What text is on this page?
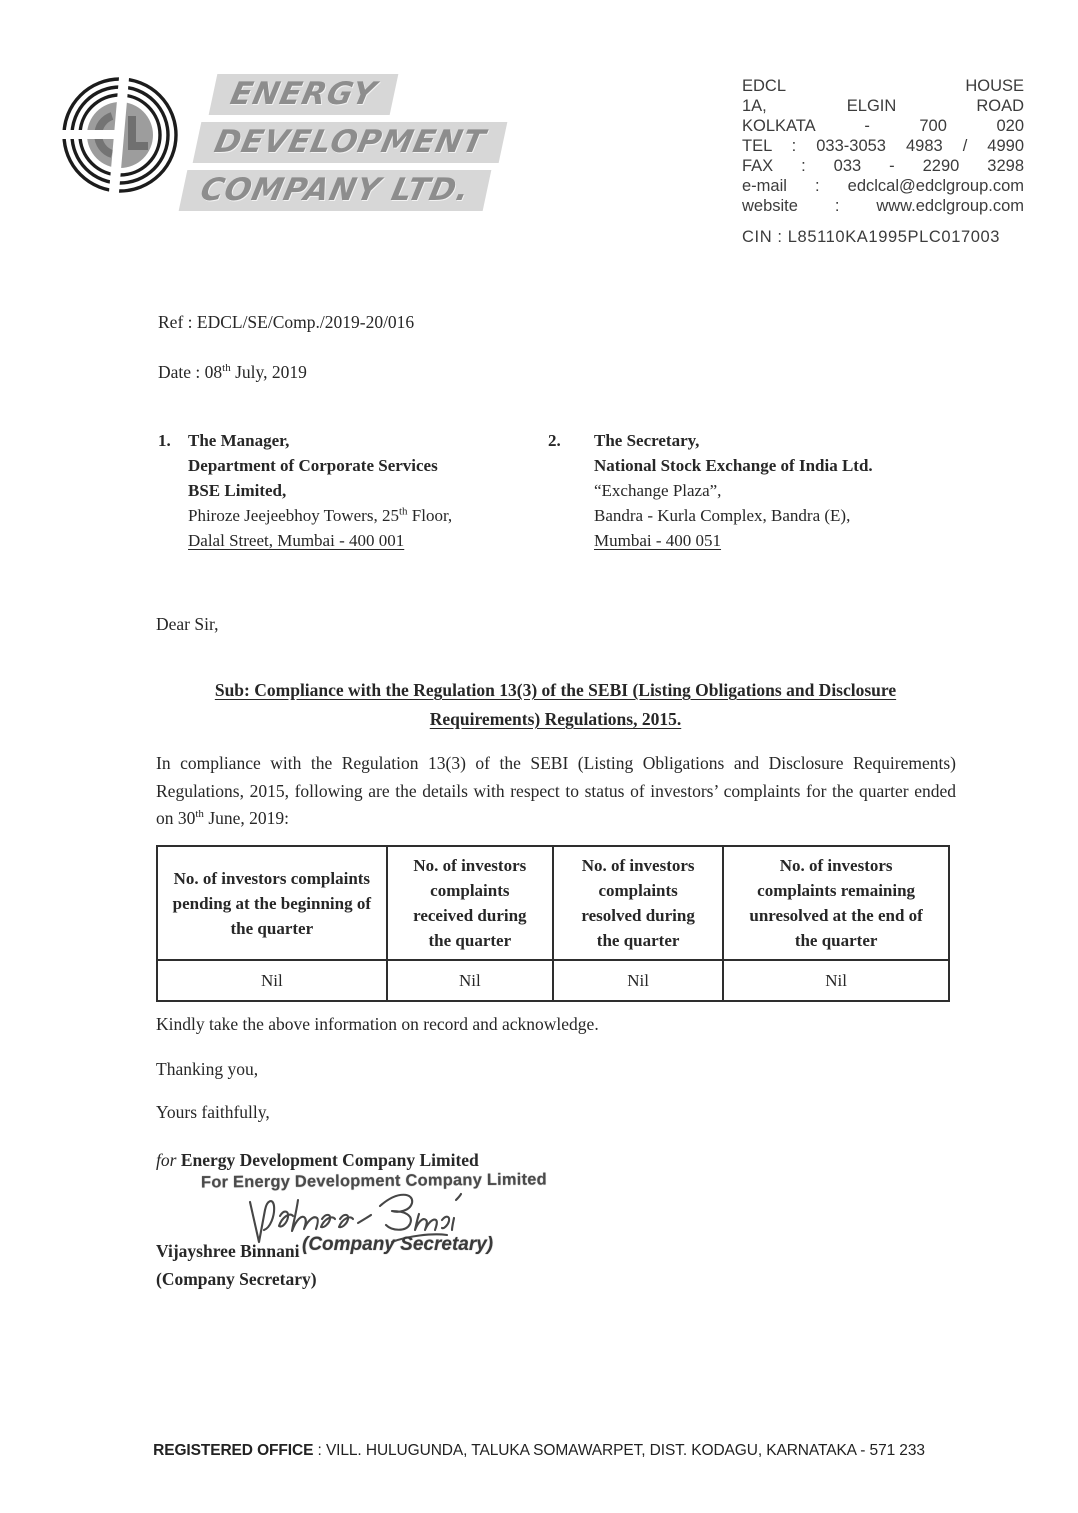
ENERGY
DEVELOPMENT
COMPANY LTD.
EDCL HOUSE
1A, ELGIN ROAD
KOLKATA - 700 020
TEL : 033-3053 4983 / 4990
FAX : 033 - 2290 3298
e-mail : edclcal@edclgroup.com
website : www.edclgroup.com
CIN : L85110KA1995PLC017003
Ref : EDCL/SE/Comp./2019-20/016
Date : 08th July, 2019
1. The Manager,
Department of Corporate Services
BSE Limited,
Phiroze Jeejeebhoy Towers, 25th Floor,
Dalal Street, Mumbai - 400 001
2. The Secretary,
National Stock Exchange of India Ltd.
“Exchange Plaza”,
Bandra - Kurla Complex, Bandra (E),
Mumbai - 400 051
Dear Sir,
Sub: Compliance with the Regulation 13(3) of the SEBI (Listing Obligations and Disclosure Requirements) Regulations, 2015.

In compliance with the Regulation 13(3) of the SEBI (Listing Obligations and Disclosure Requirements) Regulations, 2015, following are the details with respect to status of investors’ complaints for the quarter ended on 30th June, 2019:

No. of investors complaints pending at the beginning of the quarter	No. of investors complaints received during the quarter	No. of investors complaints resolved during the quarter	No. of investors complaints remaining unresolved at the end of the quarter
Nil	Nil	Nil	Nil
Kindly take the above information on record and acknowledge.
Thanking you,
Yours faithfully,
for Energy Development Company Limited
For Energy Development Company Limited
(Company Secretary)
Vijayshree Binnani
(Company Secretary)
REGISTERED OFFICE : VILL. HULUGUNDA, TALUKA SOMAWARPET, DIST. KODAGU, KARNATAKA - 571 233
